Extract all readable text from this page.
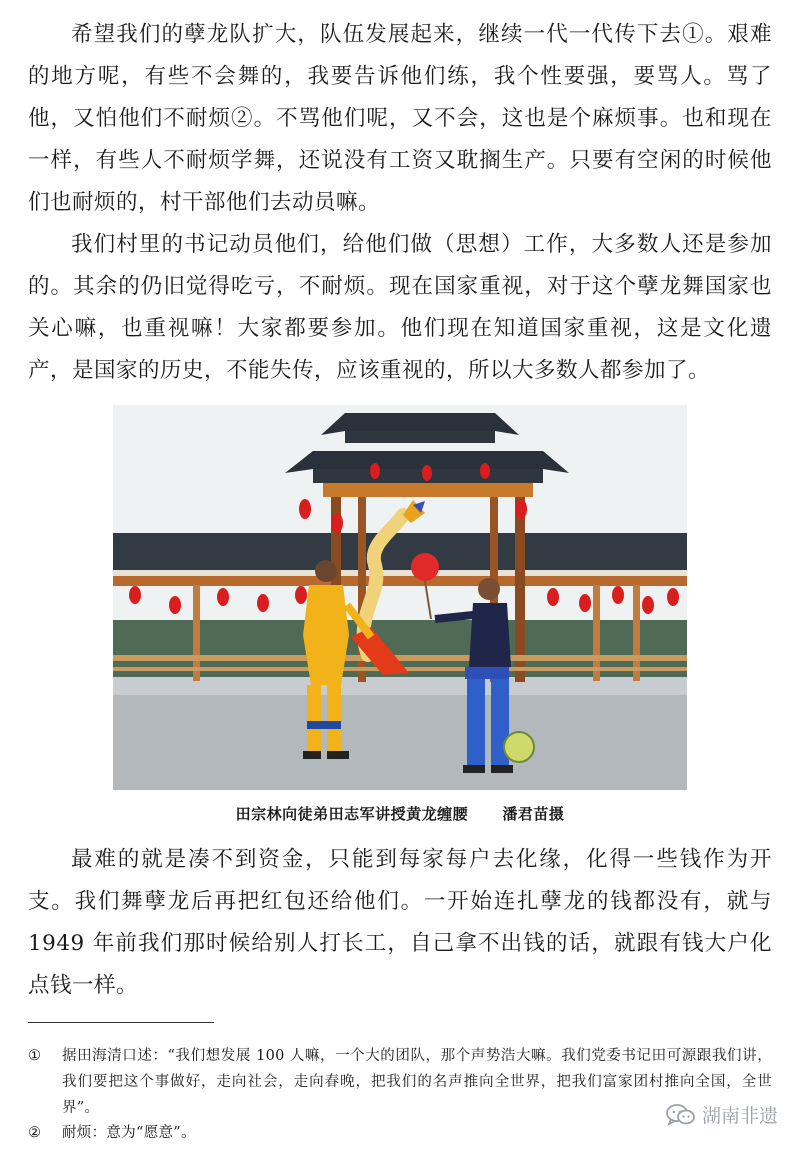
希望我们的孽龙队扩大，队伍发展起来，继续一代一代传下去①。艰难的地方呢，有些不会舞的，我要告诉他们练，我个性要强，要骂人。骂了他，又怕他们不耐烦②。不骂他们呢，又不会，这也是个麻烦事。也和现在一样，有些人不耐烦学舞，还说没有工资又耽搁生产。只要有空闲的时候他们也耐烦的，村干部他们去动员嘛。

我们村里的书记动员他们，给他们做（思想）工作，大多数人还是参加的。其余的仍旧觉得吃亏，不耐烦。现在国家重视，对于这个孽龙舞国家也关心嘛，也重视嘛！大家都要参加。他们现在知道国家重视，这是文化遗产，是国家的历史，不能失传，应该重视的，所以大多数人都参加了。

田宗林向徒弟田志军讲授黄龙缠腰      潘君苗摄

最难的就是凑不到资金，只能到每家每户去化缘，化得一些钱作为开支。我们舞孽龙后再把红包还给他们。一开始连扎孽龙的钱都没有，就与1949 年前我们那时候给别人打长工，自己拿不出钱的话，就跟有钱大户化点钱一样。

① 据田海清口述：“我们想发展 100 人嘛，一个大的团队，那个声势浩大嘛。我们党委书记田可源跟我们讲，我们要把这个事做好，走向社会，走向春晚，把我们的名声推向全世界，把我们富家团村推向全国，全世界”。
② 耐烦：意为“愿意”。
湖南非遗
